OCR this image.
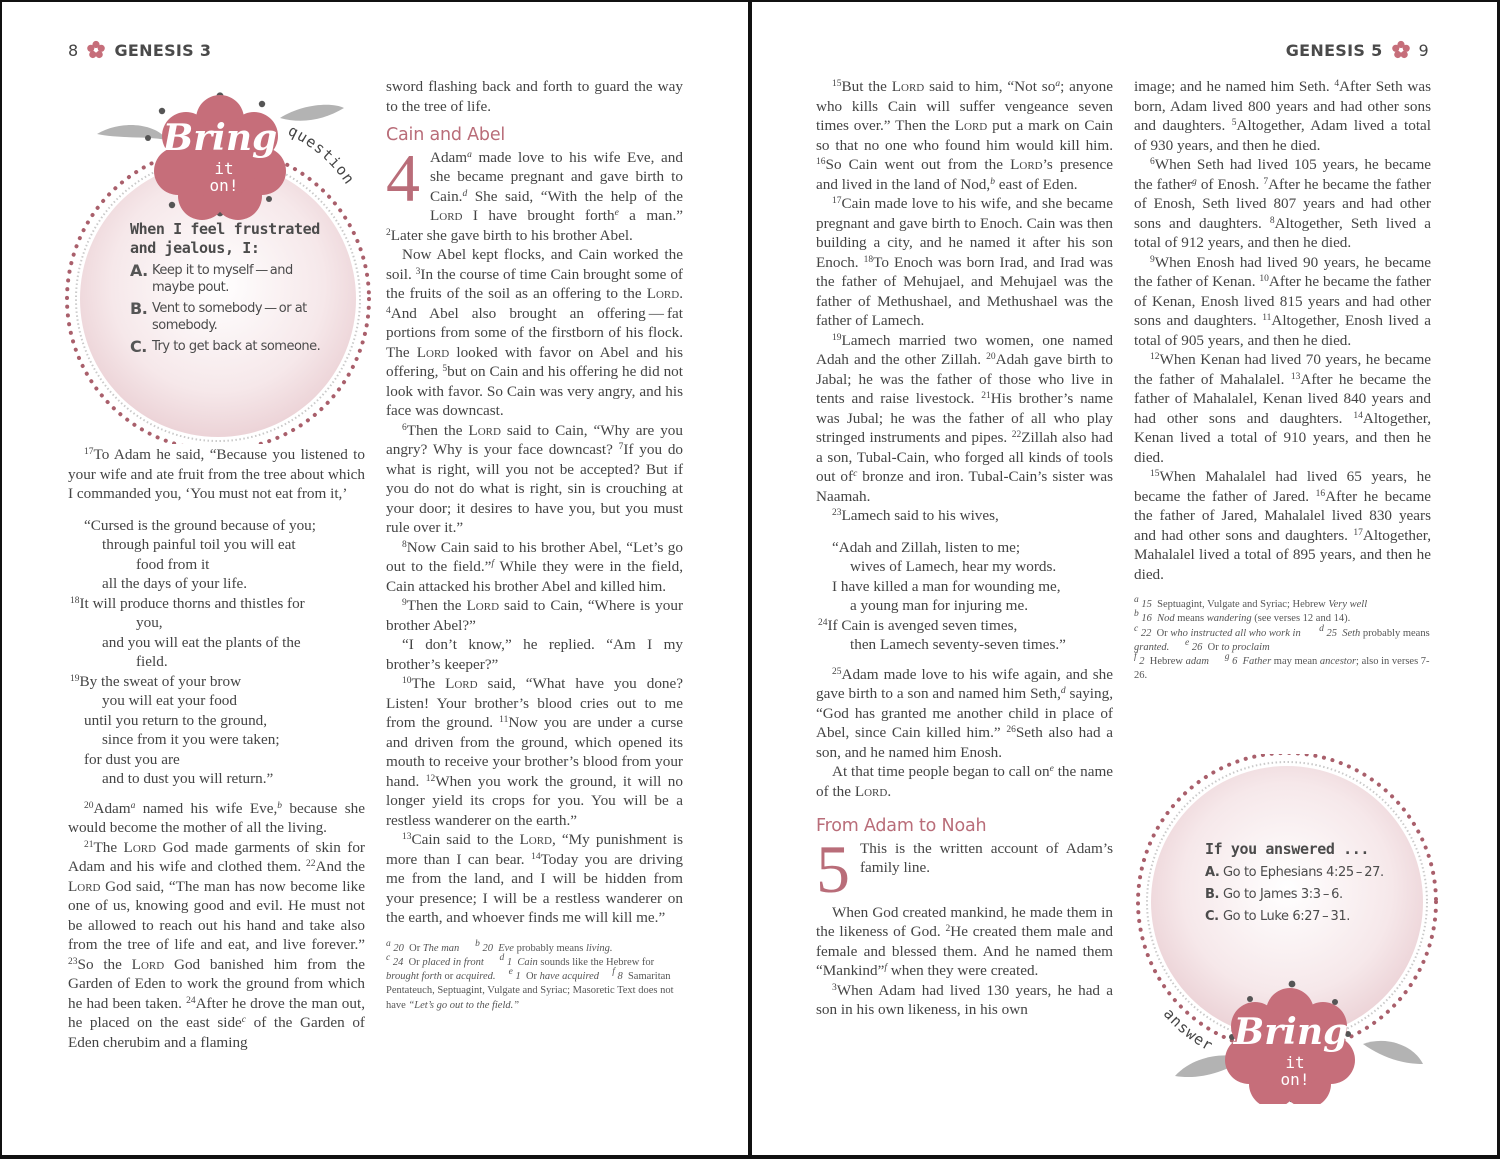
8 GENESIS 3
Bring
it
on!
question
When I feel frustrated and jealous, I:
A. Keep it to myself — and maybe pout.
B. Vent to somebody — or at somebody.
C. Try to get back at someone.

$^{17}$To Adam he said, “Because you listened to your wife and ate fruit from the tree about which I commanded you, ‘You must not eat from it,’

“Cursed is the ground because of you;
through painful toil you will eat
food from it
all the days of your life.
$^{18}$It will produce thorns and thistles for
you,
and you will eat the plants of the
field.
$^{19}$By the sweat of your brow
you will eat your food
until you return to the ground,
since from it you were taken;
for dust you are
and to dust you will return.”

$^{20}$Adam$^a$ named his wife Eve,$^b$ because she would become the mother of all the living.

$^{21}$The Lord God made garments of skin for Adam and his wife and clothed them. $^{22}$And the Lord God said, “The man has now become like one of us, knowing good and evil. He must not be allowed to reach out his hand and take also from the tree of life and eat, and live forever.” $^{23}$So the Lord God banished him from the Garden of Eden to work the ground from which he had been taken. $^{24}$After he drove the man out, he placed on the east side$^c$ of the Garden of Eden cherubim and a flaming

sword flashing back and forth to guard the way to the tree of life.

Cain and Abel

4 Adam$^a$ made love to his wife Eve, and she became pregnant and gave birth to Cain.$^d$ She said, “With the help of the Lord I have brought forth$^e$ a man.” $^2$Later she gave birth to his brother Abel.

Now Abel kept flocks, and Cain worked the soil. $^3$In the course of time Cain brought some of the fruits of the soil as an offering to the Lord. $^4$And Abel also brought an offering — fat portions from some of the firstborn of his flock. The Lord looked with favor on Abel and his offering, $^5$but on Cain and his offering he did not look with favor. So Cain was very angry, and his face was downcast.

$^6$Then the Lord said to Cain, “Why are you angry? Why is your face downcast? $^7$If you do what is right, will you not be accepted? But if you do not do what is right, sin is crouching at your door; it desires to have you, but you must rule over it.”

$^8$Now Cain said to his brother Abel, “Let’s go out to the field.”$^f$ While they were in the field, Cain attacked his brother Abel and killed him.

$^9$Then the Lord said to Cain, “Where is your brother Abel?”

“I don’t know,” he replied. “Am I my brother’s keeper?”

$^{10}$The Lord said, “What have you done? Listen! Your brother’s blood cries out to me from the ground. $^{11}$Now you are under a curse and driven from the ground, which opened its mouth to receive your brother’s blood from your hand. $^{12}$When you work the ground, it will no longer yield its crops for you. You will be a restless wanderer on the earth.”

$^{13}$Cain said to the Lord, “My punishment is more than I can bear. $^{14}$Today you are driving me from the land, and I will be hidden from your presence; I will be a restless wanderer on the earth, and whoever finds me will kill me.”

$^a$ 20 Or The man $^b$ 20 Eve probably means living.
$^c$ 24 Or placed in front $^d$ 1 Cain sounds like the Hebrew for brought forth or acquired. $^e$ 1 Or have acquired $^f$ 8 Samaritan Pentateuch, Septuagint, Vulgate and Syriac; Masoretic Text does not have “Let’s go out to the field.”
GENESIS 5 9

$^{15}$But the Lord said to him, “Not so$^a$; anyone who kills Cain will suffer vengeance seven times over.” Then the Lord put a mark on Cain so that no one who found him would kill him. $^{16}$So Cain went out from the Lord’s presence and lived in the land of Nod,$^b$ east of Eden.

$^{17}$Cain made love to his wife, and she became pregnant and gave birth to Enoch. Cain was then building a city, and he named it after his son Enoch. $^{18}$To Enoch was born Irad, and Irad was the father of Mehujael, and Mehujael was the father of Methushael, and Methushael was the father of Lamech.

$^{19}$Lamech married two women, one named Adah and the other Zillah. $^{20}$Adah gave birth to Jabal; he was the father of those who live in tents and raise livestock. $^{21}$His brother’s name was Jubal; he was the father of all who play stringed instruments and pipes. $^{22}$Zillah also had a son, Tubal-Cain, who forged all kinds of tools out of$^c$ bronze and iron. Tubal-Cain’s sister was Naamah.

$^{23}$Lamech said to his wives,

“Adah and Zillah, listen to me;
wives of Lamech, hear my words.
I have killed a man for wounding me,
a young man for injuring me.
$^{24}$If Cain is avenged seven times,
then Lamech seventy-seven times.”

$^{25}$Adam made love to his wife again, and she gave birth to a son and named him Seth,$^d$ saying, “God has granted me another child in place of Abel, since Cain killed him.” $^{26}$Seth also had a son, and he named him Enosh.

At that time people began to call on$^e$ the name of the Lord.

From Adam to Noah

5 This is the written account of Adam’s family line.

When God created mankind, he made them in the likeness of God. $^2$He created them male and female and blessed them. And he named them “Mankind”$^f$ when they were created.

$^3$When Adam had lived 130 years, he had a son in his own likeness, in his own

image; and he named him Seth. $^4$After Seth was born, Adam lived 800 years and had other sons and daughters. $^5$Altogether, Adam lived a total of 930 years, and then he died.

$^6$When Seth had lived 105 years, he became the father$^g$ of Enosh. $^7$After he became the father of Enosh, Seth lived 807 years and had other sons and daughters. $^8$Altogether, Seth lived a total of 912 years, and then he died.

$^9$When Enosh had lived 90 years, he became the father of Kenan. $^{10}$After he became the father of Kenan, Enosh lived 815 years and had other sons and daughters. $^{11}$Altogether, Enosh lived a total of 905 years, and then he died.

$^{12}$When Kenan had lived 70 years, he became the father of Mahalalel. $^{13}$After he became the father of Mahalalel, Kenan lived 840 years and had other sons and daughters. $^{14}$Altogether, Kenan lived a total of 910 years, and then he died.

$^{15}$When Mahalalel had lived 65 years, he became the father of Jared. $^{16}$After he became the father of Jared, Mahalalel lived 830 years and had other sons and daughters. $^{17}$Altogether, Mahalalel lived a total of 895 years, and then he died.

$^a$ 15 Septuagint, Vulgate and Syriac; Hebrew Very well
$^b$ 16 Nod means wandering (see verses 12 and 14).
$^c$ 22 Or who instructed all who work in $^d$ 25 Seth probably means granted. $^e$ 26 Or to proclaim
$^f$ 2 Hebrew adam $^g$ 6 Father may mean ancestor; also in verses 7-26.
Bring
it
on!
answer
If you answered ...
A. Go to Ephesians 4:25 – 27.
B. Go to James 3:3 – 6.
C. Go to Luke 6:27 – 31.
